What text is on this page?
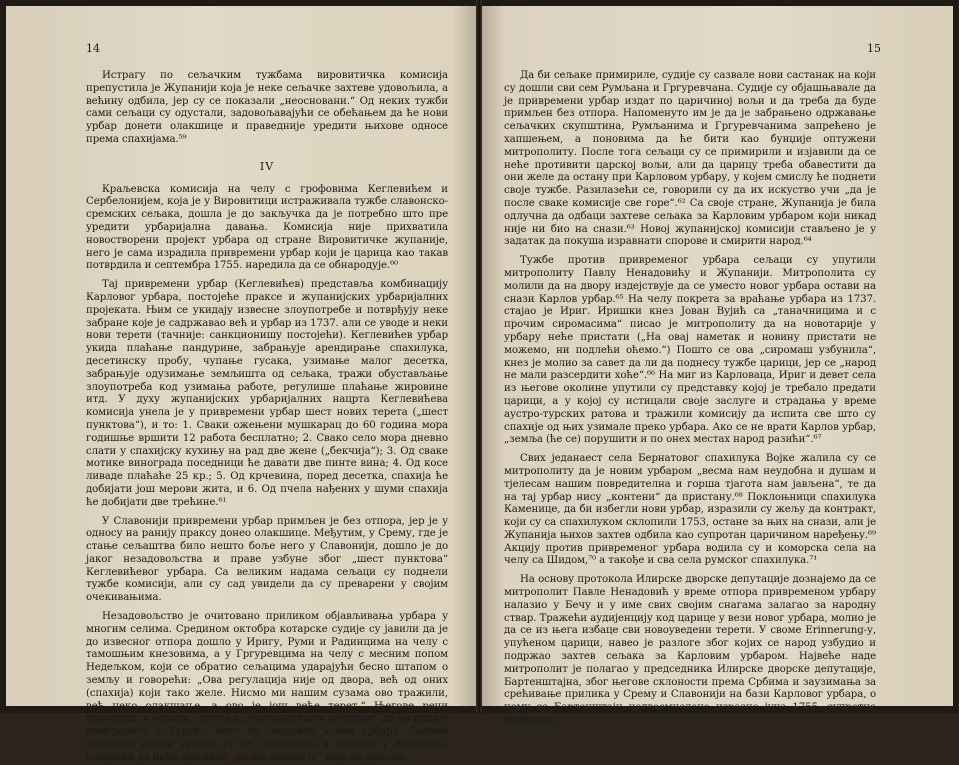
14

Истрагу по сељачким тужбама вировитичка комисија препустила је Жупанији која је неке сељачке захтеве удовољила, а већину одбила, јер су се показали „неосновани.“ Од неких тужби сами сељаци су одустали, задовољавајући се обећањем да ће нови урбар донети олакшице и праведније уредити њихове односе према спахијама.⁵⁹

IV

Краљевска комисија на челу с грофовима Кеглевићем и Сербелонијем, која је у Вировитици истраживала тужбе славонско-сремских сељака, дошла је до закључка да је потребно што пре уредити урбаријална давања. Комисија није прихватила новоствoрени пројект урбара од стране Вировитичке жупаније, него је сама израдила привремени урбар који је царица као такав потврдила и септембра 1755. наредила да се обнародује.⁶⁰

Тај привремени урбар (Кеглевићев) представља комбинацију Карловог урбара, постојеће праксе и жупанијских урбаријалних пројеката. Њим се укидају извесне злоупотребе и потврђују неке забране које је садржавао већ и урбар из 1737. али се уводе и неки нови терети (тачније: санкционишу постојећи). Кеглевићев урбар укида плаћање пандурине, забрањује арендирање спахилука, десетинску пробу, чупање гусака, узимање малог десетка, забрањује одузимање земљишта од сељака, тражи обустављање злоупотреба код узимања работе, регулише плаћање жировине итд. У духу жупанијских урбаријалних нацрта Кеглевићева комисија унела је у привремени урбар шест нових терета („шест пунктова“), и то: 1. Сваки ожењени мушкарац до 60 година мора годишње вршити 12 работа бесплатно; 2. Свако село мора дневно слати у спахијску кухињу на рад две жене („бекчија“); 3. Од сваке мотике винограда поседници ће давати две пинте вина; 4. Од косе ливаде плаћаће 25 кр.; 5. Од крчевина, поред десетка, спахија ће добијати још мерови жита, и 6. Од пчела нађених у шуми спахија ће добијати две трећине.⁶¹

У Славонији привремени урбар примљен је без отпора, јер је у односу на ранију праксу донео олакшице. Међутим, у Срему, где је стање сељаштва било нешто боље него у Славонији, дошло је до јаког незадовољства и праве узбуне због „шест пунктова“ Кеглевићевог урбара. Са великим надама сељаци су поднели тужбе комисији, али су сад увидели да су преварени у својим очекивањима.

Незадовољство је очитовано приликом објављивања урбара у многим селима. Средином октобра котарске судије су јавили да је до извесног отпора дошло у Иригу, Руми и Радинцима на челу с тамошњим кнезовима, а у Гргуревцима на челу с месним попом Недељком, који се обратио сељацима ударајући бесно штапом о земљу и говорећи: „Ова регулација није од двора, већ од оних (спахија) који тако желе. Нисмо ми нашим сузама ово тражили, већ неко олакшање, а ово је још веће терет.“ Његове речи поновише и остали, претећи „бунтовничким начином“ да ће радије емигрирати у Турску, него се покорити новом урбару. Сасвим отворено новом урбару су се противили и сељаци у Ердевику, говорећи да неће примити „разне новитете“ које он доноси.

15

Да би сељаке примириле, судије су сазвале нови састанак на који су дошли сви сем Румљана и Гргуревчана. Судије су објашњавале да је привремени урбар издат по царичиној вољи и да треба да буде примљен без отпора. Напоменуто им је да је забрањено одржавање сељачких скупштина, Румљанима и Гргуревчанима запрећено је хапшењем, а поновима да ће бити као бунџије оптужени митрополиту. После тога сељаци су се примирили и изјавили да се неће противити царској вољи, али да царицу треба обавестити да они желе да остану при Карловом урбару, у којем смислу ће поднети своје тужбе. Разилазећи се, говорили су да их искуство учи „да је после сваке комисије све горе“.⁶² Са своје стране, Жупанија је била одлучна да одбаци захтеве сељака за Карловим урбаром који никад није ни био на снази.⁶³ Новој жупанијској комисији стављено је у задатак да покуша изравнати спорове и смирити народ.⁶⁴

Тужбе против привременог урбара сељаци су упутили митрополиту Павлу Ненадовићу и Жупанији. Митрополита су молили да на двору издејствује да се уместо новог урбара остави на снази Карлов урбар.⁶⁵ На челу покрета за враћање урбара из 1737. стајао је Ириг. Иришки кнез Јован Вујић са „таначницима и с прочим сиромасима“ писао је митрополиту да на новотарије у урбару неће пристати („На оваj наметак и новину пристати не можемо, ни подлећи оћемо.“) Пошто се ова „сиромаш узбунила“, кнез је молио за савет да ли да поднесу тужбе царици, јер се „народ не мали разсердити хоће“.⁶⁶ На миг из Карловаца, Ириг и девет села из његове околине упутили су представку којој је требало предати царици, а у којој су истицали своје заслуге и страдања у време аустро-турских ратова и тражили комисију да испита све што су спахије од њих узимале преко урбара. Ако се не врати Карлов урбар, „земља (ће се) порушити и по онех местах народ разићи“.⁶⁷

Свих једанаест села Бернатовог спахилука Војке жалила су се митрополиту да је новим урбаром „весма нам неудобна и душам и тјелесам нашим повредителна и горша тјагота нам јављена“, те да на тај урбар нису „контени“ да пристану.⁶⁸ Поклоњници спахилука Каменице, да би избегли нови урбар, изразили су жељу да контракт, који су са спахилуком склопили 1753, остане за њих на снази, али је Жупанија њихов захтев одбила као супротан царичином наређењу.⁶⁹ Акцију против привременог урбара водила су и коморска села на челу са Шидом,⁷⁰ а такође и сва села румског спахилука.⁷¹

На основу протокола Илирске дворске депутације дознајемо да се митрополит Павле Ненадовић у време отпора привременом урбару налазио у Бечу и у име свих својим снагама залагао за народну ствар. Тражећи аудијенцију код царице у вези новог урбара, молио је да се из њега избаце сви новоуведени терети. У своме Erinnerung-у, упућеном царици, навео је разлоге због којих се народ узбудио и подржао захтев сељака за Карловим урбаром. Највеће наде митрополит је полагао у председника Илирске дворске депутације, Бартенштајна, због његове склоности према Србима и заузимања за срећивање прилика у Срему и Славонији на бази Карловог урбара, о чему се Бартенштајн недвосмислено изразио јуна 1755. супротно дворском
